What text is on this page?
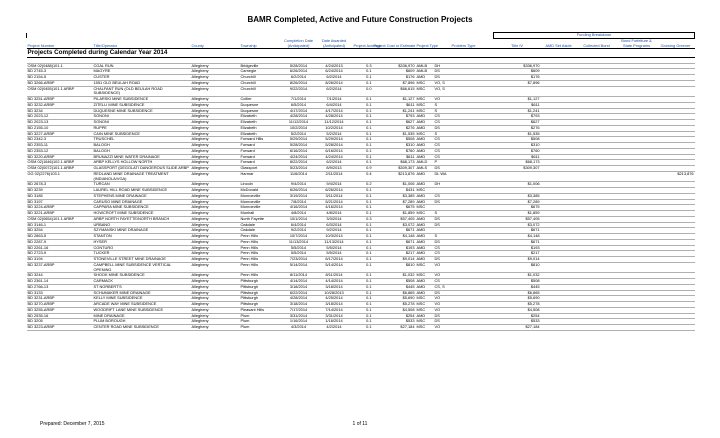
BAMR Completed, Active and Future Construction Projects
										Funding Breakdown				
Project Number	Title/Operator	County	Township	Completion Date (Anticipated)	Date Awarded (Anticipated)	Project Acreage	Project Cost or Estimate	Project Type	Problem Type	Title IV	AMD Set Aside	Collected Bond	Bond Forfeiture & State Programs	Growing Greener
Projects Completed during Calendar Year 2014														

OSM 02(0488)101.1	COAL RUN	Allegheny	Bridgeville	5/28/2014	4/24/2013	0.3	$336,970	AMLB	DH	$336,970				
BD 2745-3	MAGYRE	Allegheny	Carnegie	6/26/2014	6/24/2014	0.1	$609	AMLB	DS	$609				
BD 2154-5	CUSTER	Allegheny	Churchill	6/2/2014	6/2/2014	0.1	$176	AMD	DS	$176				
BD 3266-ARBP	1551 OLD BEULAH ROAD	Allegheny	Churchill	8/26/2014	8/26/2014	0.1	$7,896	MSC	VO, S	$7,896				
OSM 02(0455)101.1 ARBP	CHALFANT RUN (OLD BEULAH ROAD SUBSIDENCE)	Allegheny	Churchill	9/22/2014	6/2/2014	0.0	$66,615	MSC	VO, S					
BD 3251-ARBP	PILARSKI MINE SUBSIDENCE	Allegheny	Collier	7/1/2014	7/1/2014	0.1	$1,127	MSC	VO	$1,127				
BD 3232-ARBP	ZITELLI MINE SUBSIDENCE	Allegheny	Duquesne	6/5/2014	6/4/2014	0.1	$611	MSC	S	$611				
BD 3234	DUQUESNE MINE SUBSIDENCE	Allegheny	Duquesne	4/17/2014	4/17/2014	0.1	$1,241	MSC	S	$1,241				
BD 2023-12	SONONI	Allegheny	Elizabeth	4/28/2014	4/28/2014	0.1	$793	AMD	CS	$793				
BD 2023-13	SONONI	Allegheny	Elizabeth	11/12/2014	11/12/2014	0.1	$627	AMD	CS	$627				
BD 2155-10	RUPPE	Allegheny	Elizabeth	10/2/2014	10/2/2014	0.1	$276	AMD	DS	$276				
BD 3227-ARBP	CAIN MINE SUBSIDENCE	Allegheny	Elizabeth	5/2/2014	5/2/2014	0.1	$1,535	MSC	S	$1,535				
BD 2342-3	TRUSCHEL	Allegheny	Forward Hills	5/29/2014	5/29/2014	0.1	$508	AMD	CS	$508				
BD 2353-11	BALOGH	Allegheny	Forward	5/28/2014	5/28/2014	0.1	$310	AMD	CS	$310				
BD 2353-12	BALOGH	Allegheny	Forward	6/16/2014	6/16/2014	0.1	$760	AMD	CS	$760				
BD 3220-ARBP	BRUNAZZI MINE WATER DRAINAGE	Allegheny	Forward	4/24/2014	4/24/2014	0.1	$611	AMD	CS	$611				
OSM 02(1646)102.1 ARBP	ARBP KELLYS HOLLOW NORTH	Allegheny	Forward	8/22/2014	6/2/2014	0.1	$68,173	AMLD	P	$68,173				
OSM 02(0072)101.1 ARBP	GLASSPORT (DEGOLATI DANGEROUS SLIDE ARBP	Allegheny	Glassport	5/23/2014	8/9/2013	0.9	$309,307	AMLS	DS	$309,307				
GG 02(2276)103.1	REDLAND MINE DRAINAGE TREATMENT (INDIANOLA/VGA)	Allegheny	Harmar	11/6/2014	2/11/2014	0.4	$213,876	AMD	DL WA					$213,876
BD 2678-3	TURCAN	Allegheny	Lincoln	9/4/2014	9/4/2014	0.2	$1,006	AMD	DH	$1,006				
BD 3239	LAUREL HILL ROAD MINE SUBSIDENCE	Allegheny	McDonald	6/26/2014	6/26/2014	0.1	$431	MSC						
BD 3185	STEPHENS MINE DRAINAGE	Allegheny	Monroeville	3/19/2014	3/11/2014	0.1	$3,385	AMD	CS	$3,385				
BD 3197	CARUSO MINE DRAINAGE	Allegheny	Monroeville	7/8/2014	5/21/2014	0.1	$7,289	AMD	DS	$7,289				
BD 3224-ARBP	CAPPARA MINE SUBSIDENCE	Allegheny	Monroeville	4/16/2014	4/16/2014	0.1	$675	MSC		$675				
BD 3221-ARBP	HOWCROFT MINE SUBSIDENCE	Allegheny	Munhall	4/8/2014	4/8/2014	0.1	$1,859	MSC	S	$1,859				
OSM 02(0654)101.1 ARBP	ARBP NORTH FAYETTE/NORTH BRANCH	Allegheny	North Fayette	10/1/2014	3/3/2014	0.3	$57,405	AMD	DS	$57,405				
BD 3146-1	URBANO	Allegheny	Oakdale	6/4/2014	6/3/2014	0.1	$3,072	AMD	DS	$3,072				
BD 3254	SZYMANSKI MINE DRAINAGE	Allegheny	Oakdale	9/2/2014	9/2/2014	0.1	$671	AMD		$671				
BD 2863-5	STANTON	Allegheny	Penn Hills	10/7/2014	10/3/2014	0.1	$4,148	AMD	S	$4,148				
BD 2287-9	HYSER	Allegheny	Penn Hills	11/13/2014	11/13/2014	0.1	$671	AMD	DS	$671				
BD 2261-16	CONTURO	Allegheny	Penn Hills	5/5/2014	5/5/2014	0.1	$193	AMD	CS	$193				
BD 2723-9	TUCKER	Allegheny	Penn Hills	5/5/2014	5/5/2014	0.1	$217	AMD	CS	$217				
BD 3194	STONEVILLE STREET MINE DRAINAGE	Allegheny	Penn Hills	7/23/2014	6/17/2014	0.1	$9,014	AMD	DS	$9,014				
BD 3237-ARBP	CAMPBELL MINE SUBSIDENCE VERTICAL OPENING	Allegheny	Penn Hills	5/14/2014	5/14/2014	0.1	$810	MSC	VO	$810				
BD 3244	SHOOK MINE SUBSIDENCE	Allegheny	Penn Hills	8/11/2014	8/11/2014	0.1	$1,032	MSC	VO	$1,032				
BD 2361-14	CARMACK	Allegheny	Pittsburgh	4/14/2014	4/14/2014	0.1	$508	AMD	CS	$508				
BD 2766-13	ST NORBERT'S	Allegheny	Pittsburgh	3/18/2014	3/18/2014	0.1	$445	AMD	CS, S	$445				
BD 3133	SCHUMAKER MINE DRAINAGE	Allegheny	Pittsburgh	6/22/2014	10/28/2013	0.1	$6,865	AMD	DS	$6,865				
BD 3231-ARBP	KELLY MINE SUBSIDENCE	Allegheny	Pittsburgh	4/28/2014	4/25/2014	0.1	$5,690	MSC	VO	$5,690				
BD 3270-ARBP	ARCADE WAY MINE SUBSIDENCE	Allegheny	Pittsburgh	3/18/2014	3/18/2014	0.1	$5,278	MSC	VO	$5,278				
BD 3255-ARBP	WOODRIFT LANE MINE SUBSIDENCE	Allegheny	Pleasant Hills	7/17/2014	7/14/2014	0.1	$4,508	MSC	VO	$4,508				
BD 2535-16	MINE DRAINAGE	Allegheny	Plum	3/31/2014	3/31/2014	0.1	$254	AMD	DS	$254				
BD 3205	PLUM BOROUGH	Allegheny	Plum	1/16/2014	1/16/2014	0.1	$533	MSC	DS	$533				
BD 3223-ARBP	CENTER ROAD MINE SUBSIDENCE	Allegheny	Plum	4/3/2014	4/2/2014	0.1	$27,184	MSC	VO	$27,184				
Prepared: December 7, 2015	1 of 11
